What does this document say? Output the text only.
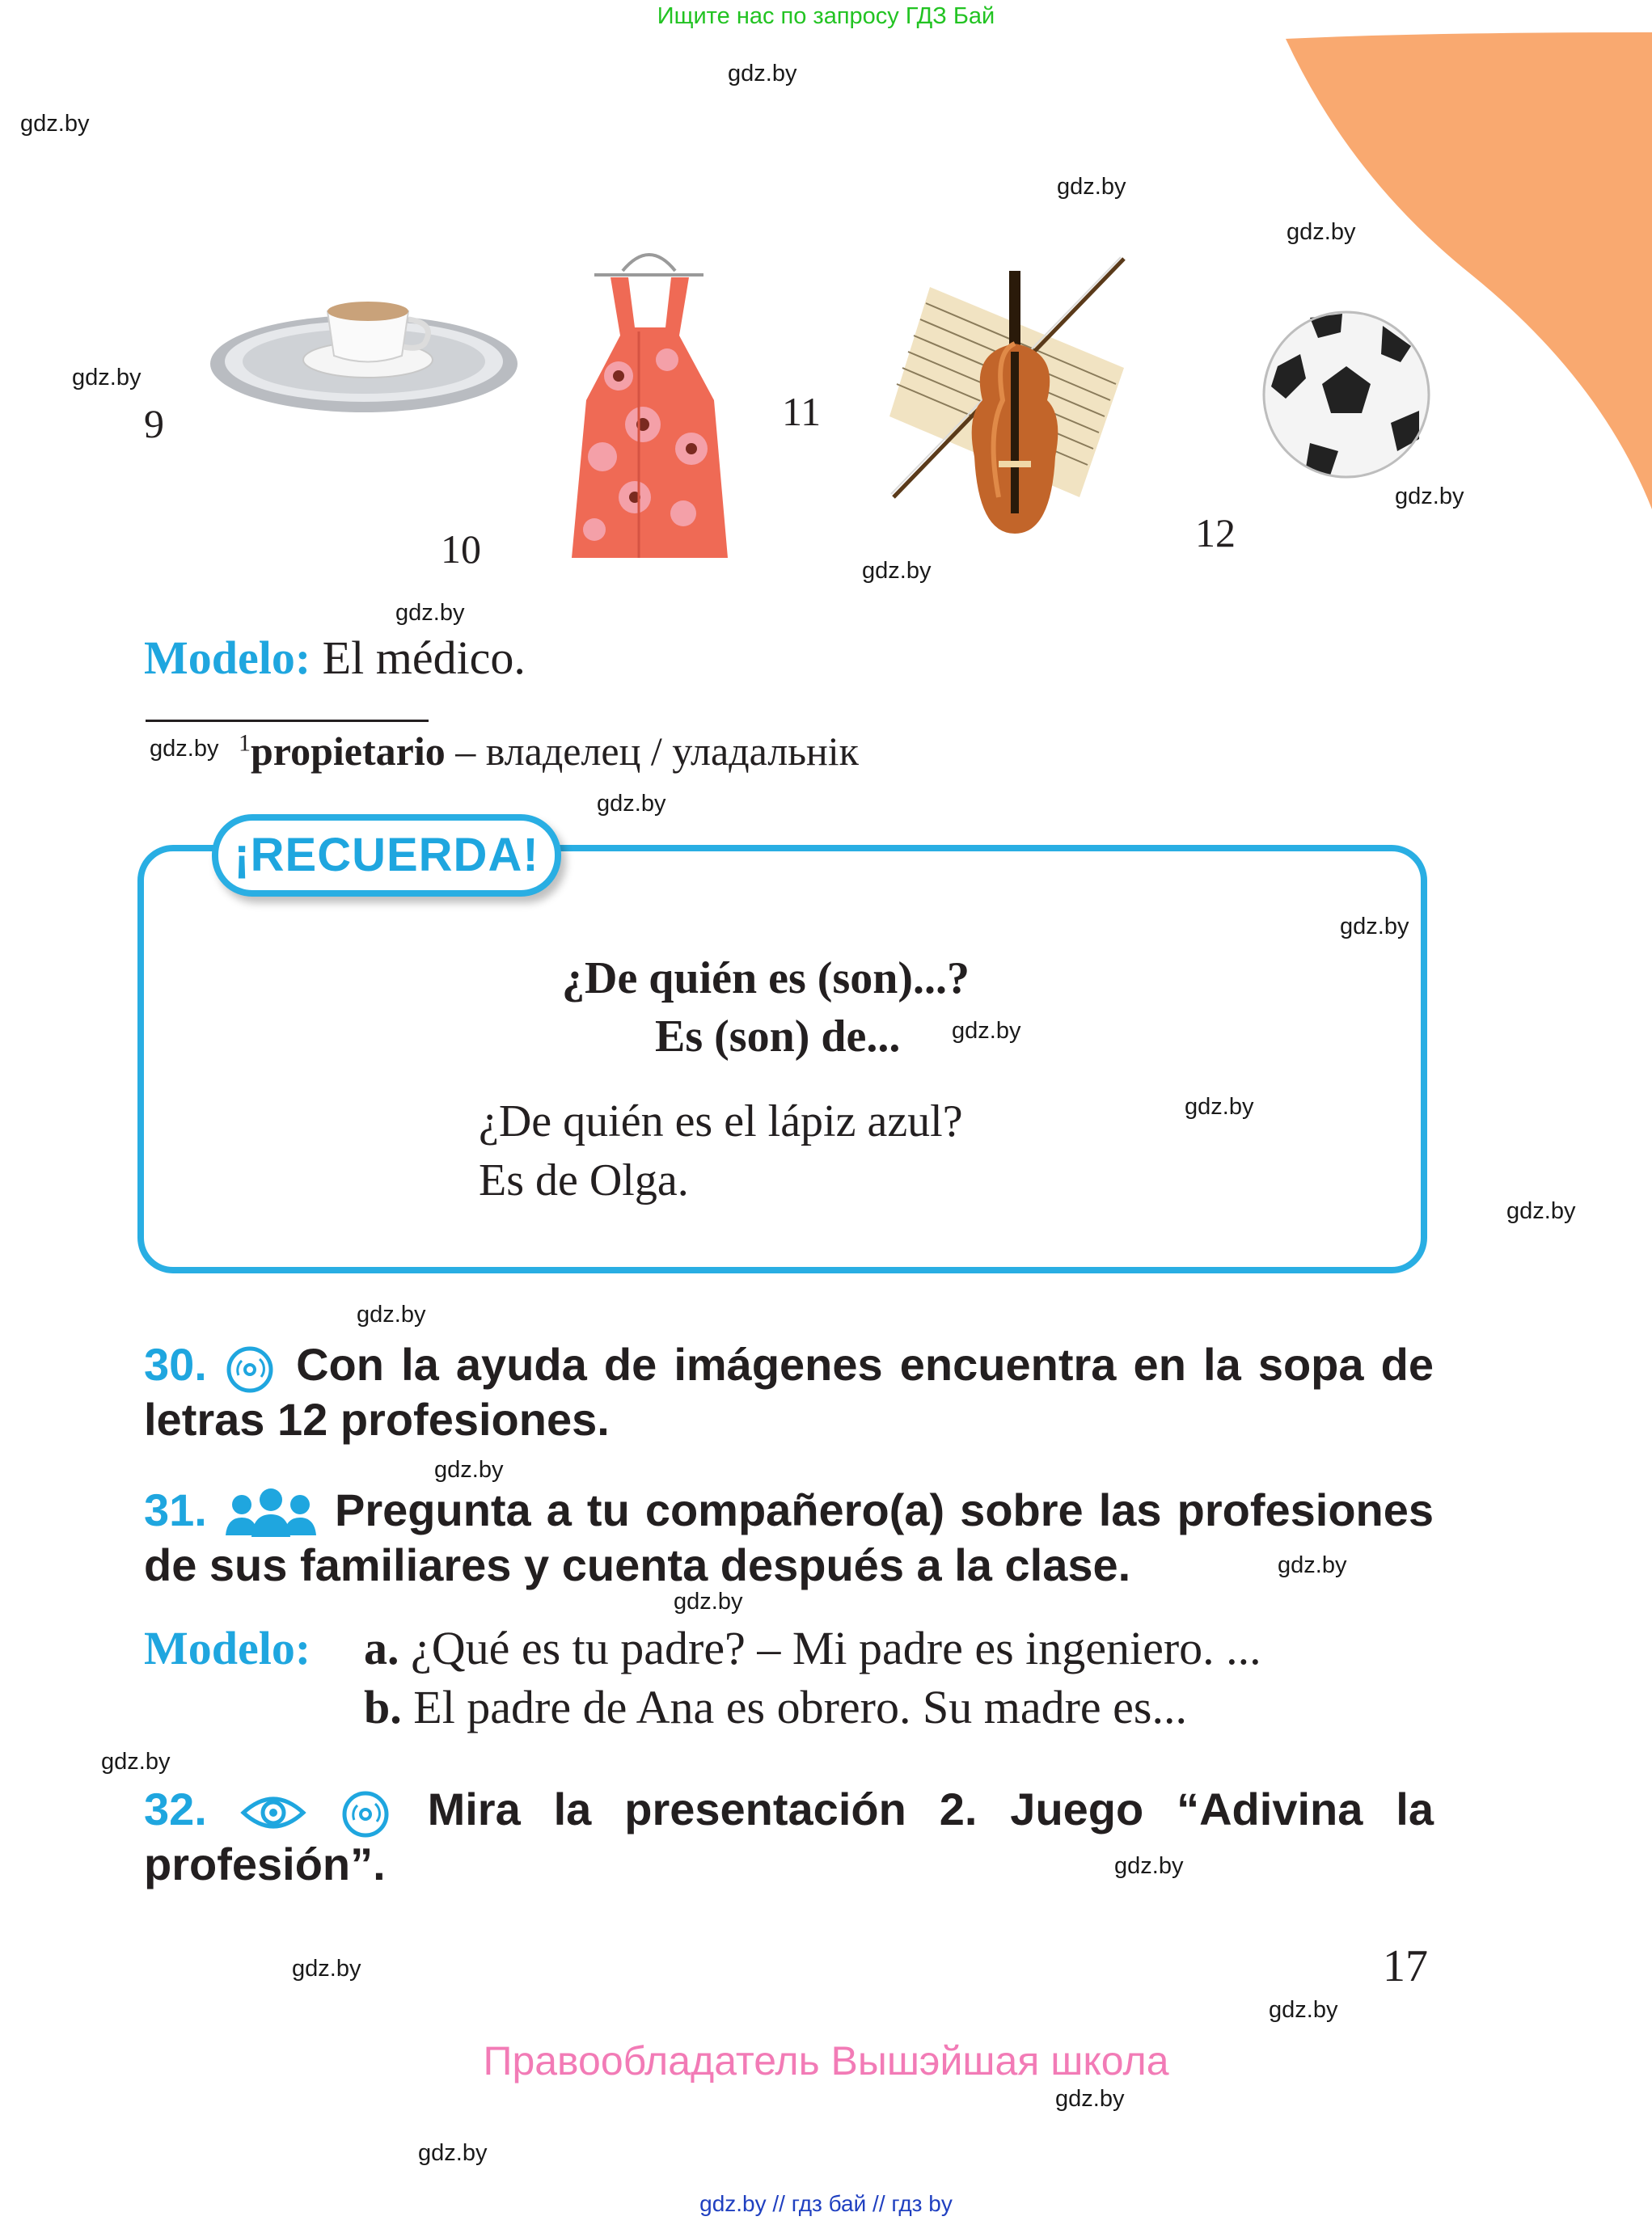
Ищите нас по запросу ГДЗ Бай
gdz.by
gdz.by
gdz.by
gdz.by
gdz.by
gdz.by
gdz.by
gdz.by
gdz.by
gdz.by
gdz.by
gdz.by
gdz.by
gdz.by
gdz.by
gdz.by
gdz.by
gdz.by
gdz.by
gdz.by
gdz.by
gdz.by
gdz.by
gdz.by
9
10
11
12
Modelo: El médico.
$^1$propietario – владелец / уладальнік
¡RECUERDA!
¿De quién es (son)...?
Es (son) de...
¿De quién es el lápiz azul?
Es de Olga.
30. Con la ayuda de imágenes encuentra en la sopa de letras 12 profesiones.
31.	Pregunta a tu compañero(a) sobre las profesiones de sus familiares y cuenta después a la clase.
Modelo: a. ¿Qué es tu padre? – Mi padre es ingeniero. ...
b. El padre de Ana es obrero. Su madre es...
32.	Mira la presentación 2. Juego “Adivina la profesión”.
17
Правообладатель Вышэйшая школа
gdz.by // гдз бай // гдз by
